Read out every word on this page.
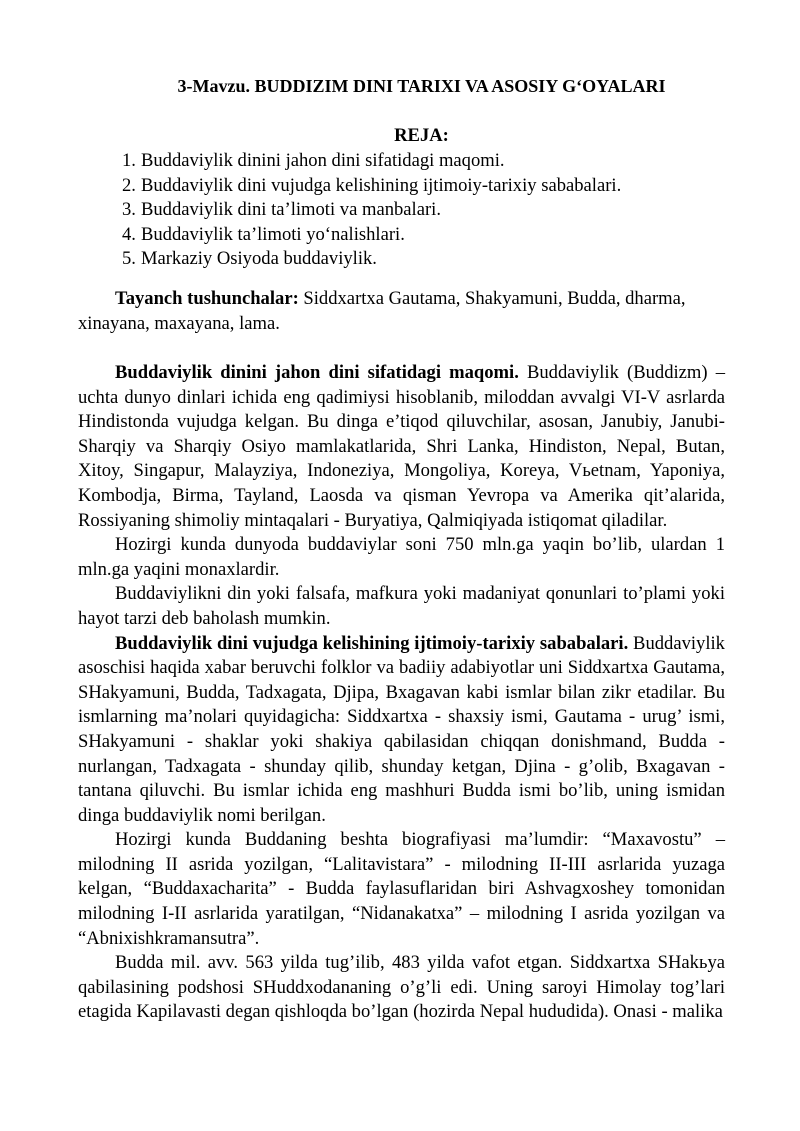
3-Mavzu. BUDDIZIM DINI TARIXI VA ASOSIY G‘OYALARI
REJA:
1. Buddaviylik dinini jahon dini sifatidagi maqomi.
2. Buddaviylik dini vujudga kelishining ijtimoiy-tarixiy sababalari.
3. Buddaviylik dini ta’limoti va manbalari.
4. Buddaviylik ta’limoti yo‘nalishlari.
5. Markaziy Osiyoda buddaviylik.

Tayanch tushunchalar: Siddxartxa Gautama, Shakyamuni, Budda, dharma, xinayana, maxayana, lama.

Buddaviylik dinini jahon dini sifatidagi maqomi. Buddaviylik (Buddizm) – uchta dunyo dinlari ichida eng qadimiysi hisoblanib, miloddan avvalgi VI-V asrlarda Hindistonda vujudga kelgan. Bu dinga e’tiqod qiluvchilar, asosan, Janubiy, Janubi-Sharqiy va Sharqiy Osiyo mamlakatlarida, Shri Lanka, Hindiston, Nepal, Butan, Xitoy, Singapur, Malayziya, Indoneziya, Mongoliya, Koreya, Vьetnam, Yaponiya, Kombodja, Birma, Tayland, Laosda va qisman Yevropa va Amerika qit’alarida, Rossiyaning shimoliy mintaqalari - Buryatiya, Qalmiqiyada istiqomat qiladilar.

Hozirgi kunda dunyoda buddaviylar soni 750 mln.ga yaqin bo’lib, ulardan 1 mln.ga yaqini monaxlardir.

Buddaviylikni din yoki falsafa, mafkura yoki madaniyat qonunlari to’plami yoki hayot tarzi deb baholash mumkin.

Buddaviylik dini vujudga kelishining ijtimoiy-tarixiy sababalari. Buddaviylik asoschisi haqida xabar beruvchi folklor va badiiy adabiyotlar uni Siddxartxa Gautama, SHakyamuni, Budda, Tadxagata, Djipa, Bxagavan kabi ismlar bilan zikr etadilar. Bu ismlarning ma’nolari quyidagicha: Siddxartxa - shaxsiy ismi, Gautama - urug’ ismi, SHakyamuni - shaklar yoki shakiya qabilasidan chiqqan donishmand, Budda - nurlangan, Tadxagata - shunday qilib, shunday ketgan, Djina - g’olib, Bxagavan - tantana qiluvchi. Bu ismlar ichida eng mashhuri Budda ismi bo’lib, uning ismidan dinga buddaviylik nomi berilgan.

Hozirgi kunda Buddaning beshta biografiyasi ma’lumdir: “Maxavostu” – milodning II asrida yozilgan, “Lalitavistara” - milodning II-III asrlarida yuzaga kelgan, “Buddaxacharita” - Budda faylasuflaridan biri Ashvagxoshey tomonidan milodning I-II asrlarida yaratilgan, “Nidanakatxa” – milodning I asrida yozilgan va “Abnixishkramansutra”.

Budda mil. avv. 563 yilda tug’ilib, 483 yilda vafot etgan. Siddxartxa SHakьya qabilasining podshosi SHuddxodananing o’g’li edi. Uning saroyi Himolay tog’lari etagida Kapilavasti degan qishloqda bo’lgan (hozirda Nepal hududida). Onasi - malika
